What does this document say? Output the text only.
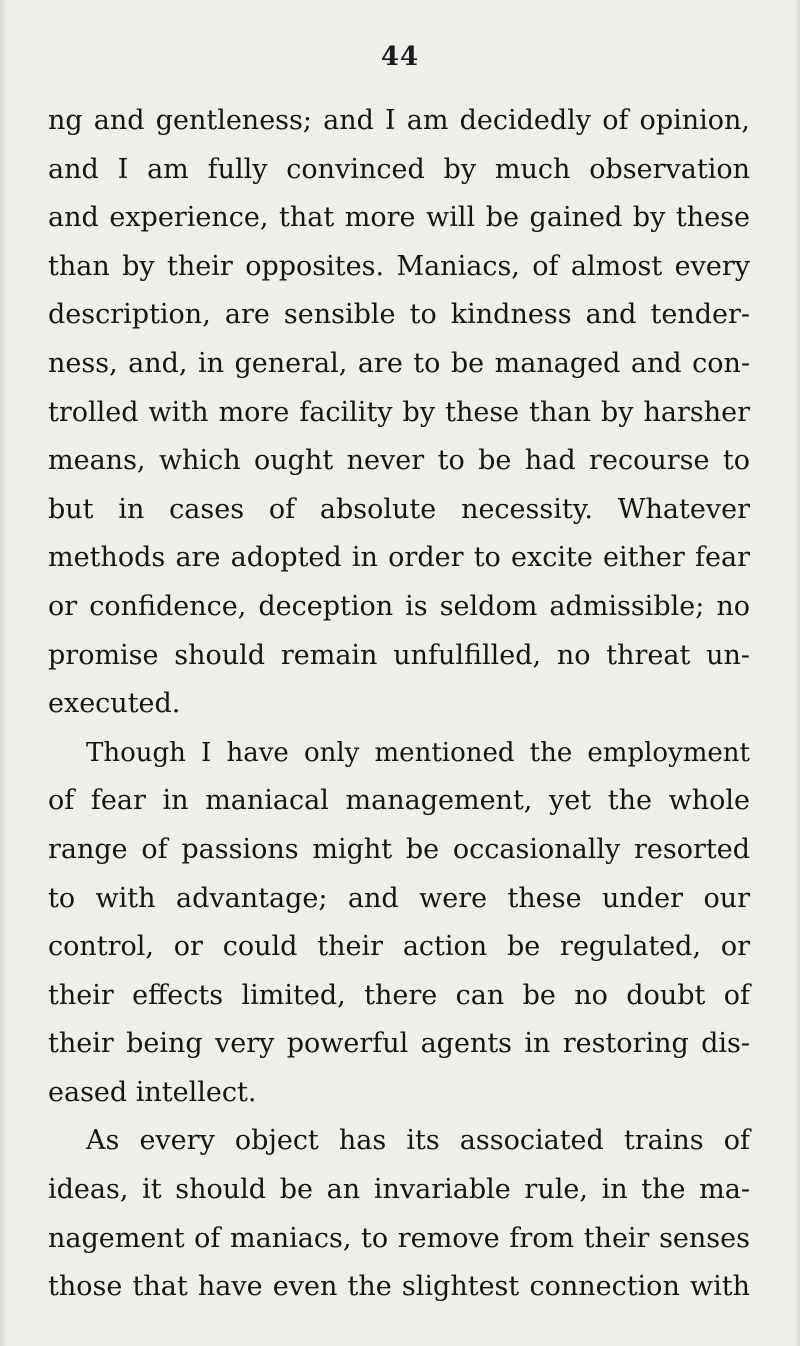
44
ng and gentleness; and I am decidedly of opinion,
and I am fully convinced by much observation
and experience, that more will be gained by these
than by their opposites. Maniacs, of almost every
description, are sensible to kindness and tender-
ness, and, in general, are to be managed and con-
trolled with more facility by these than by harsher
means, which ought never to be had recourse to
but in cases of absolute necessity. Whatever
methods are adopted in order to excite either fear
or confidence, deception is seldom admissible; no
promise should remain unfulfilled, no threat un-
executed.
Though I have only mentioned the employment
of fear in maniacal management, yet the whole
range of passions might be occasionally resorted
to with advantage; and were these under our
control, or could their action be regulated, or
their effects limited, there can be no doubt of
their being very powerful agents in restoring dis-
eased intellect.
As every object has its associated trains of
ideas, it should be an invariable rule, in the ma-
nagement of maniacs, to remove from their senses
those that have even the slightest connection with
